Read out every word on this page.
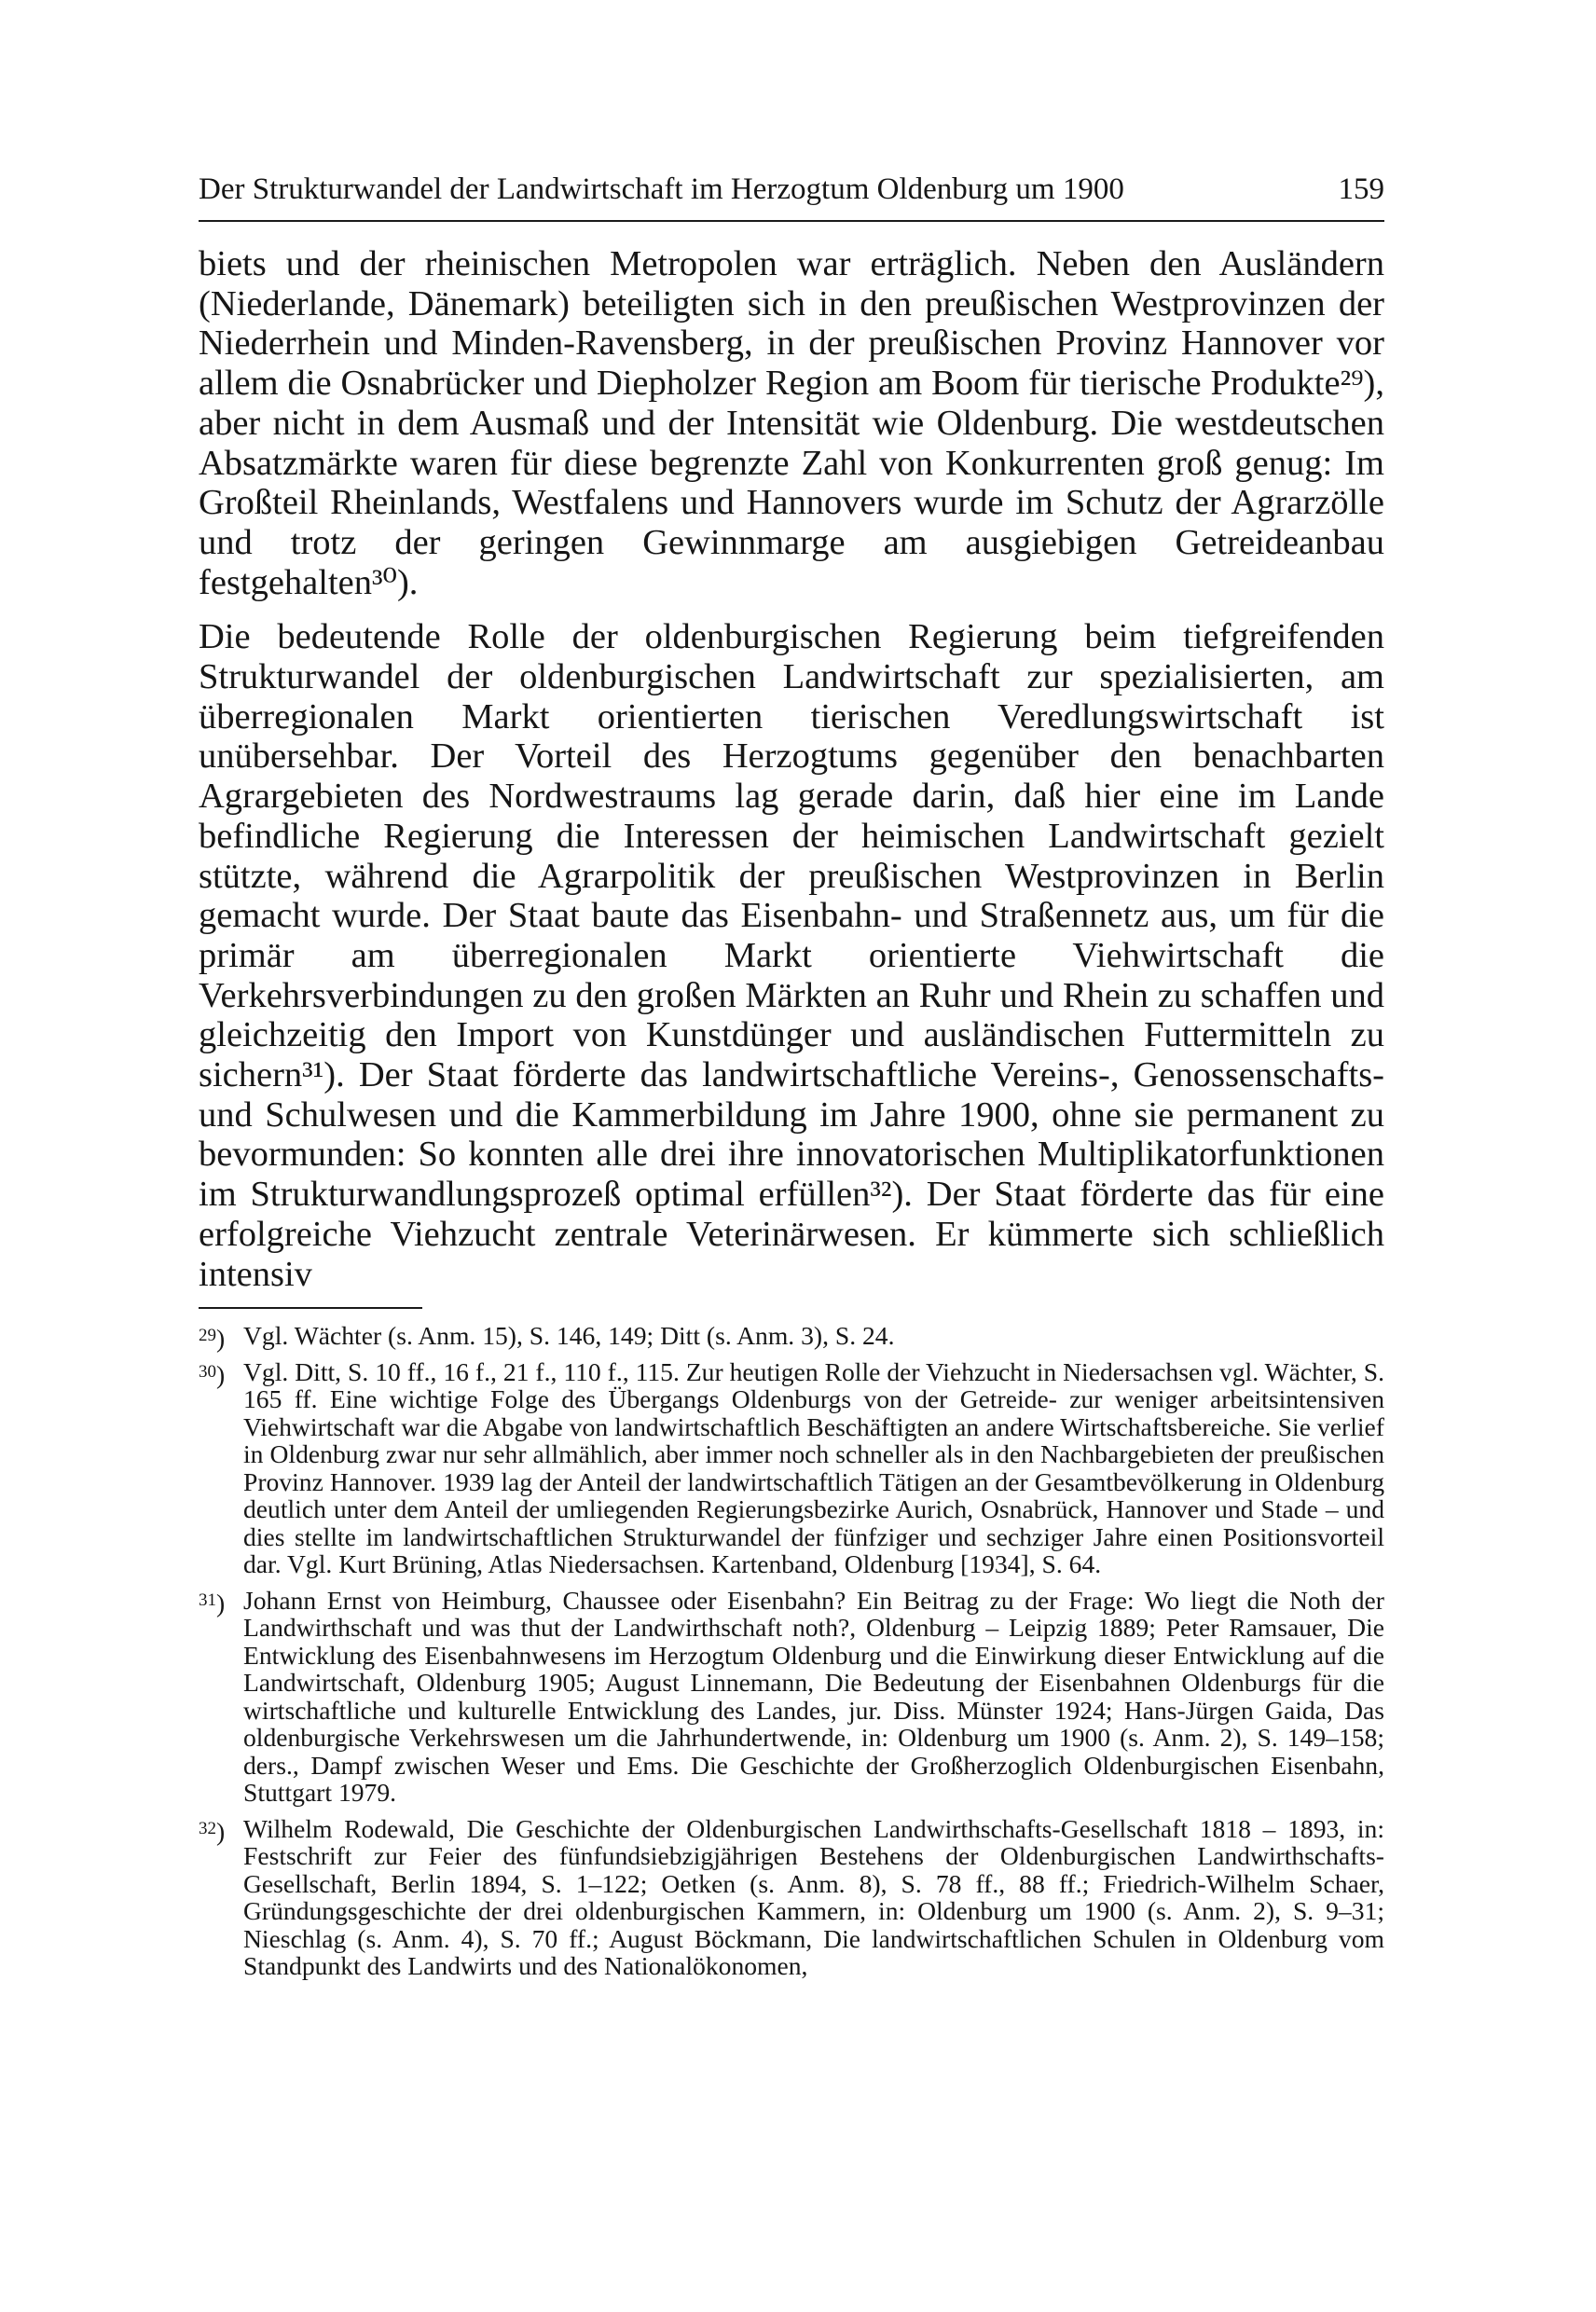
Der Strukturwandel der Landwirtschaft im Herzogtum Oldenburg um 1900	159

biets und der rheinischen Metropolen war erträglich. Neben den Ausländern (Niederlande, Dänemark) beteiligten sich in den preußischen Westprovinzen der Niederrhein und Minden-Ravensberg, in der preußischen Provinz Hannover vor allem die Osnabrücker und Diepholzer Region am Boom für tierische Produkte²⁹), aber nicht in dem Ausmaß und der Intensität wie Oldenburg. Die westdeutschen Absatzmärkte waren für diese begrenzte Zahl von Konkurrenten groß genug: Im Großteil Rheinlands, Westfalens und Hannovers wurde im Schutz der Agrarzölle und trotz der geringen Gewinnmarge am ausgiebigen Getreideanbau festgehalten³⁰).

Die bedeutende Rolle der oldenburgischen Regierung beim tiefgreifenden Strukturwandel der oldenburgischen Landwirtschaft zur spezialisierten, am überregionalen Markt orientierten tierischen Veredlungswirtschaft ist unübersehbar. Der Vorteil des Herzogtums gegenüber den benachbarten Agrargebieten des Nordwestraums lag gerade darin, daß hier eine im Lande befindliche Regierung die Interessen der heimischen Landwirtschaft gezielt stützte, während die Agrarpolitik der preußischen Westprovinzen in Berlin gemacht wurde. Der Staat baute das Eisenbahn- und Straßennetz aus, um für die primär am überregionalen Markt orientierte Viehwirtschaft die Verkehrsverbindungen zu den großen Märkten an Ruhr und Rhein zu schaffen und gleichzeitig den Import von Kunstdünger und ausländischen Futtermitteln zu sichern³¹). Der Staat förderte das landwirtschaftliche Vereins-, Genossenschafts- und Schulwesen und die Kammerbildung im Jahre 1900, ohne sie permanent zu bevormunden: So konnten alle drei ihre innovatorischen Multiplikatorfunktionen im Strukturwandlungsprozeß optimal erfüllen³²). Der Staat förderte das für eine erfolgreiche Viehzucht zentrale Veterinärwesen. Er kümmerte sich schließlich intensiv

$^{29}$) Vgl. Wächter (s. Anm. 15), S. 146, 149; Ditt (s. Anm. 3), S. 24.
$^{30}$) Vgl. Ditt, S. 10 ff., 16 f., 21 f., 110 f., 115. Zur heutigen Rolle der Viehzucht in Niedersachsen vgl. Wächter, S. 165 ff. Eine wichtige Folge des Übergangs Oldenburgs von der Getreide- zur weniger arbeitsintensiven Viehwirtschaft war die Abgabe von landwirtschaftlich Beschäftigten an andere Wirtschaftsbereiche. Sie verlief in Oldenburg zwar nur sehr allmählich, aber immer noch schneller als in den Nachbargebieten der preußischen Provinz Hannover. 1939 lag der Anteil der landwirtschaftlich Tätigen an der Gesamtbevölkerung in Oldenburg deutlich unter dem Anteil der umliegenden Regierungsbezirke Aurich, Osnabrück, Hannover und Stade – und dies stellte im landwirtschaftlichen Strukturwandel der fünfziger und sechziger Jahre einen Positionsvorteil dar. Vgl. Kurt Brüning, Atlas Niedersachsen. Kartenband, Oldenburg [1934], S. 64.
$^{31}$) Johann Ernst von Heimburg, Chaussee oder Eisenbahn? Ein Beitrag zu der Frage: Wo liegt die Noth der Landwirthschaft und was thut der Landwirthschaft noth?, Oldenburg – Leipzig 1889; Peter Ramsauer, Die Entwicklung des Eisenbahnwesens im Herzogtum Oldenburg und die Einwirkung dieser Entwicklung auf die Landwirtschaft, Oldenburg 1905; August Linnemann, Die Bedeutung der Eisenbahnen Oldenburgs für die wirtschaftliche und kulturelle Entwicklung des Landes, jur. Diss. Münster 1924; Hans-Jürgen Gaida, Das oldenburgische Verkehrswesen um die Jahrhundertwende, in: Oldenburg um 1900 (s. Anm. 2), S. 149–158; ders., Dampf zwischen Weser und Ems. Die Geschichte der Großherzoglich Oldenburgischen Eisenbahn, Stuttgart 1979.
$^{32}$) Wilhelm Rodewald, Die Geschichte der Oldenburgischen Landwirthschafts-Gesellschaft 1818 – 1893, in: Festschrift zur Feier des fünfundsiebzigjährigen Bestehens der Oldenburgischen Landwirthschafts-Gesellschaft, Berlin 1894, S. 1–122; Oetken (s. Anm. 8), S. 78 ff., 88 ff.; Friedrich-Wilhelm Schaer, Gründungsgeschichte der drei oldenburgischen Kammern, in: Oldenburg um 1900 (s. Anm. 2), S. 9–31; Nieschlag (s. Anm. 4), S. 70 ff.; August Böckmann, Die landwirtschaftlichen Schulen in Oldenburg vom Standpunkt des Landwirts und des Nationalökonomen,
